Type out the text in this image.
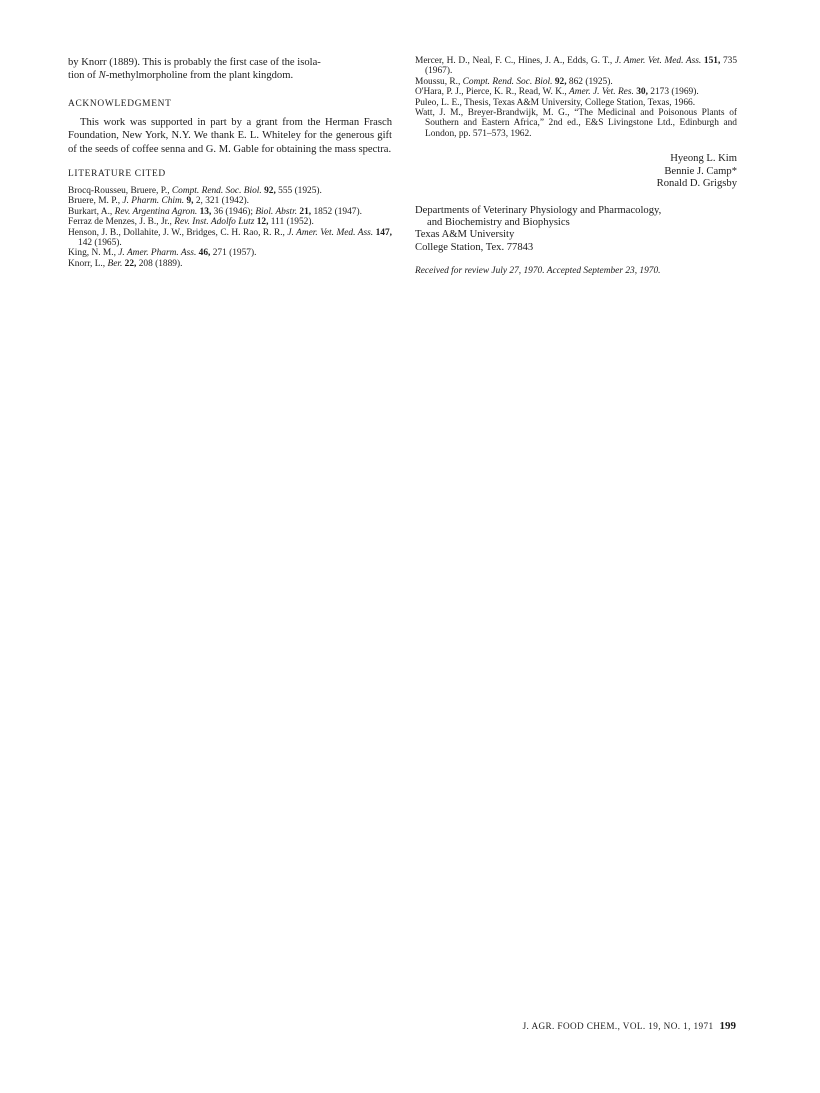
by Knorr (1889). This is probably the first case of the isola-

tion of N-methylmorpholine from the plant kingdom.

ACKNOWLEDGMENT

This work was supported in part by a grant from the Herman Frasch Foundation, New York, N.Y. We thank E. L. Whiteley for the generous gift of the seeds of coffee senna and G. M. Gable for obtaining the mass spectra.

LITERATURE CITED
Brocq-Rousseu, Bruere, P., Compt. Rend. Soc. Biol. 92, 555 (1925).
Bruere, M. P., J. Pharm. Chim. 9, 2, 321 (1942).
Burkart, A., Rev. Argentina Agron. 13, 36 (1946); Biol. Abstr. 21, 1852 (1947).
Ferraz de Menzes, J. B., Jr., Rev. Inst. Adolfo Lutz 12, 111 (1952).
Henson, J. B., Dollahite, J. W., Bridges, C. H. Rao, R. R., J. Amer. Vet. Med. Ass. 147, 142 (1965).
King, N. M., J. Amer. Pharm. Ass. 46, 271 (1957).
Knorr, L., Ber. 22, 208 (1889).
Mercer, H. D., Neal, F. C., Hines, J. A., Edds, G. T., J. Amer. Vet. Med. Ass. 151, 735 (1967).
Moussu, R., Compt. Rend. Soc. Biol. 92, 862 (1925).
O'Hara, P. J., Pierce, K. R., Read, W. K., Amer. J. Vet. Res. 30, 2173 (1969).
Puleo, L. E., Thesis, Texas A&M University, College Station, Texas, 1966.
Watt, J. M., Breyer-Brandwijk, M. G., “The Medicinal and Poisonous Plants of Southern and Eastern Africa,” 2nd ed., E&S Livingstone Ltd., Edinburgh and London, pp. 571–573, 1962.
Hyeong L. Kim
Bennie J. Camp*
Ronald D. Grigsby
Departments of Veterinary Physiology and Pharmacology,
and Biochemistry and Biophysics
Texas A&M University
College Station, Tex. 77843

Received for review July 27, 1970. Accepted September 23, 1970.

J. AGR. FOOD CHEM., VOL. 19, NO. 1, 1971 199
